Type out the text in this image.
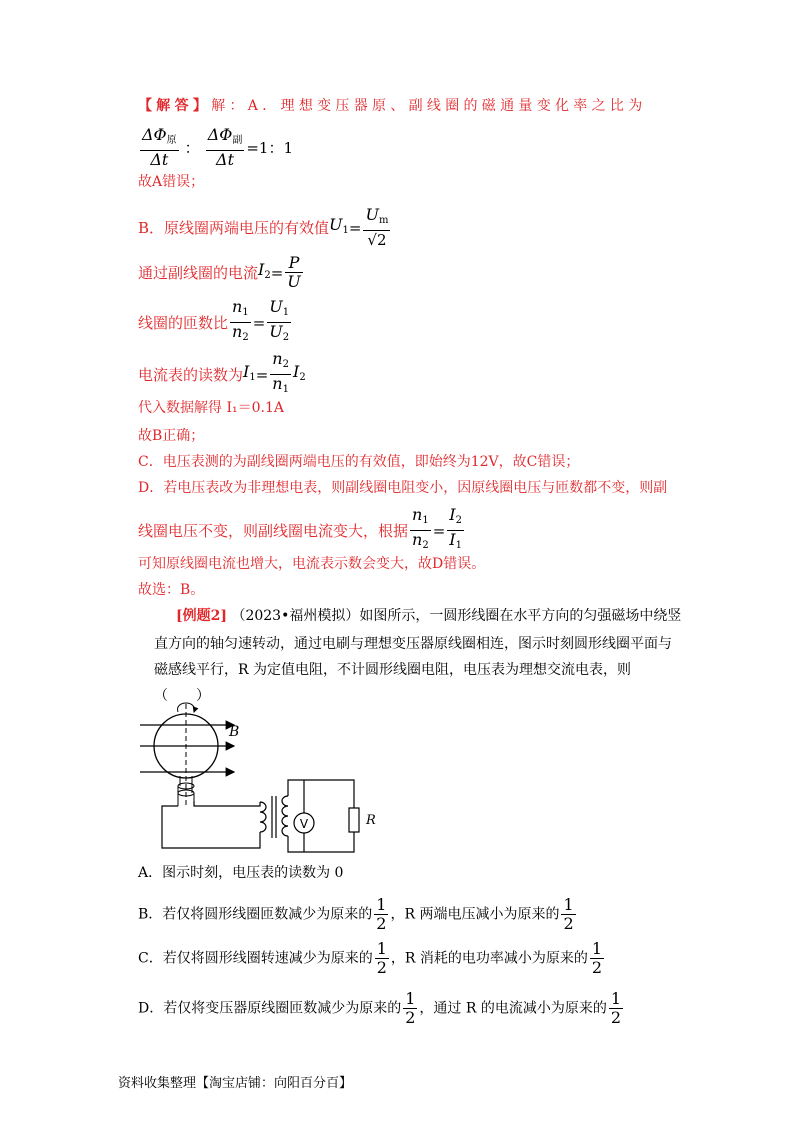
【解答】解：A．理想变压器原、副线圈的磁通量变化率之比为
$\frac{\Delta\Phi_原}{\Delta t}$ ： $\frac{\Delta\Phi_副}{\Delta t} =1$：1
故A错误；
B．原线圈两端电压的有效值 $U_1 = \frac{U_m}{√2}$
通过副线圈的电流 $I_2 = \frac{P}{U}$
线圈的匝数比 $\frac{n_1}{n_2} = \frac{U_1}{U_2}$
电流表的读数为 $I_1 = \frac{n_2}{n_1} I_2$
代入数据解得 I₁＝0.1A
故B正确；
C．电压表测的为副线圈两端电压的有效值，即始终为12V，故C错误；
D．若电压表改为非理想电表，则副线圈电阻变小，因原线圈电压与匝数都不变，则副
线圈电压不变，则副线圈电流变大，根据 $\frac{n_1}{n_2} = \frac{I_2}{I_1}$
可知原线圈电流也增大，电流表示数会变大，故D错误。
故选：B。
[例题2] （2023•福州模拟）如图所示，一圆形线圈在水平方向的匀强磁场中绕竖
直方向的轴匀速转动，通过电刷与理想变压器原线圈相连，图示时刻圆形线圈平面与
磁感线平行，R 为定值电阻，不计圆形线圈电阻，电压表为理想交流电表，则
（　　）
V	R
B
A．图示时刻，电压表的读数为 0
B．若仅将圆形线圈匝数减少为原来的 $\frac{1}{2}$ ，R 两端电压减小为原来的 $\frac{1}{2}$
C．若仅将圆形线圈转速减少为原来的 $\frac{1}{2}$ ，R 消耗的电功率减小为原来的 $\frac{1}{2}$
D．若仅将变压器原线圈匝数减少为原来的 $\frac{1}{2}$ ，通过 R 的电流减小为原来的 $\frac{1}{2}$
资料收集整理【淘宝店铺：向阳百分百】
